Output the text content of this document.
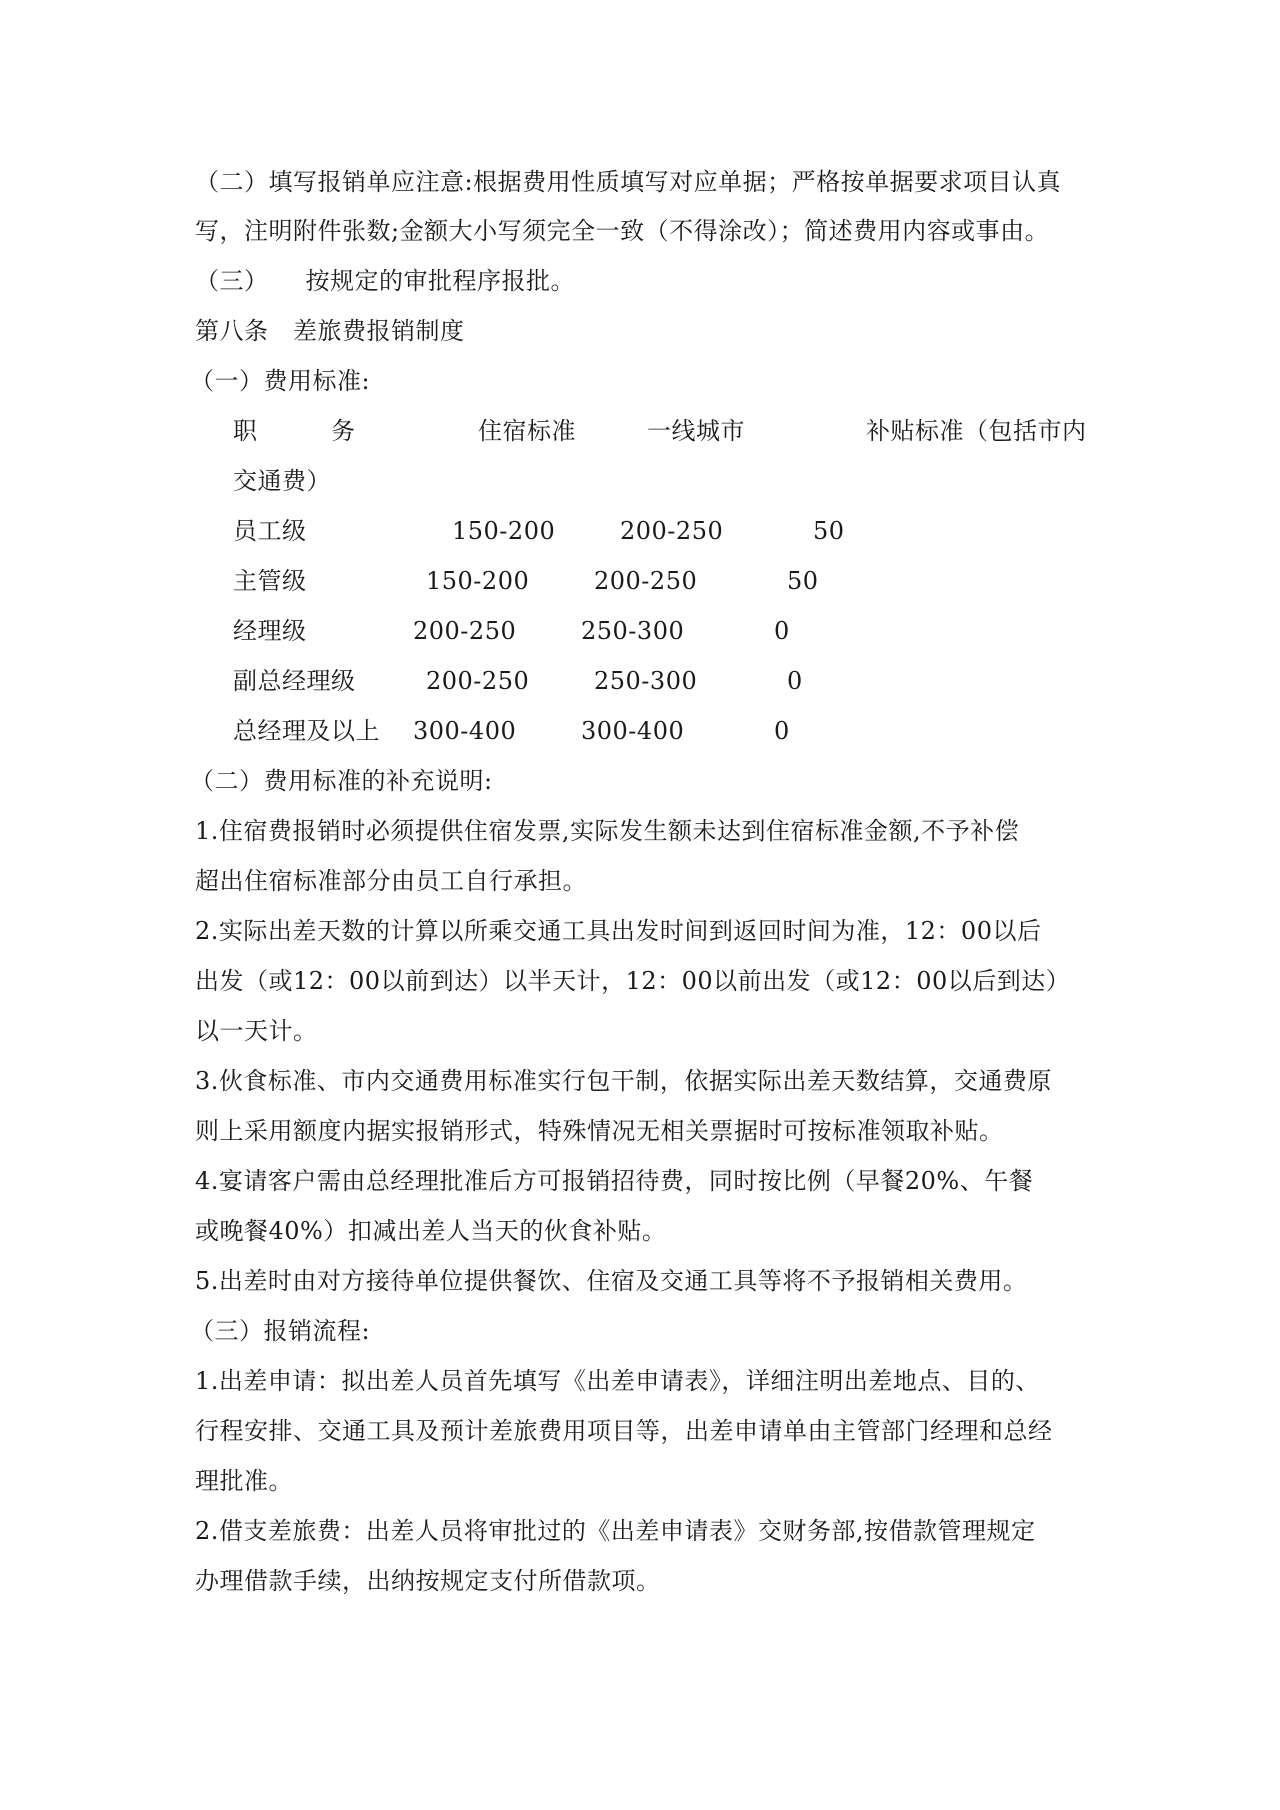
（二）填写报销单应注意:根据费用性质填写对应单据；严格按单据要求项目认真
写，注明附件张数;金额大小写须完全一致（不得涂改）；简述费用内容或事由。
（三）　　按规定的审批程序报批。
第八条　差旅费报销制度
（一）费用标准:
职　　　务	住宿标准	一线城市	补贴标准（包括市内
交通费）
员工级	150-200	200-250	50
主管级	150-200	200-250	50
经理级	200-250	250-300	0
副总经理级	200-250	250-300	0
总经理及以上 300-400	300-400	0
（二）费用标准的补充说明:
1.住宿费报销时必须提供住宿发票,实际发生额未达到住宿标准金额,不予补偿
超出住宿标准部分由员工自行承担。
2.实际出差天数的计算以所乘交通工具出发时间到返回时间为准，12：00以后
出发（或12：00以前到达）以半天计，12：00以前出发（或12：00以后到达）
以一天计。
3.伙食标准、市内交通费用标准实行包干制，依据实际出差天数结算，交通费原
则上采用额度内据实报销形式，特殊情况无相关票据时可按标准领取补贴。
4.宴请客户需由总经理批准后方可报销招待费，同时按比例（早餐20%、午餐
或晚餐40%）扣减出差人当天的伙食补贴。
5.出差时由对方接待单位提供餐饮、住宿及交通工具等将不予报销相关费用。
（三）报销流程:
1.出差申请：拟出差人员首先填写《出差申请表》，详细注明出差地点、目的、
行程安排、交通工具及预计差旅费用项目等，出差申请单由主管部门经理和总经
理批准。
2.借支差旅费：出差人员将审批过的《出差申请表》交财务部,按借款管理规定
办理借款手续，出纳按规定支付所借款项。
